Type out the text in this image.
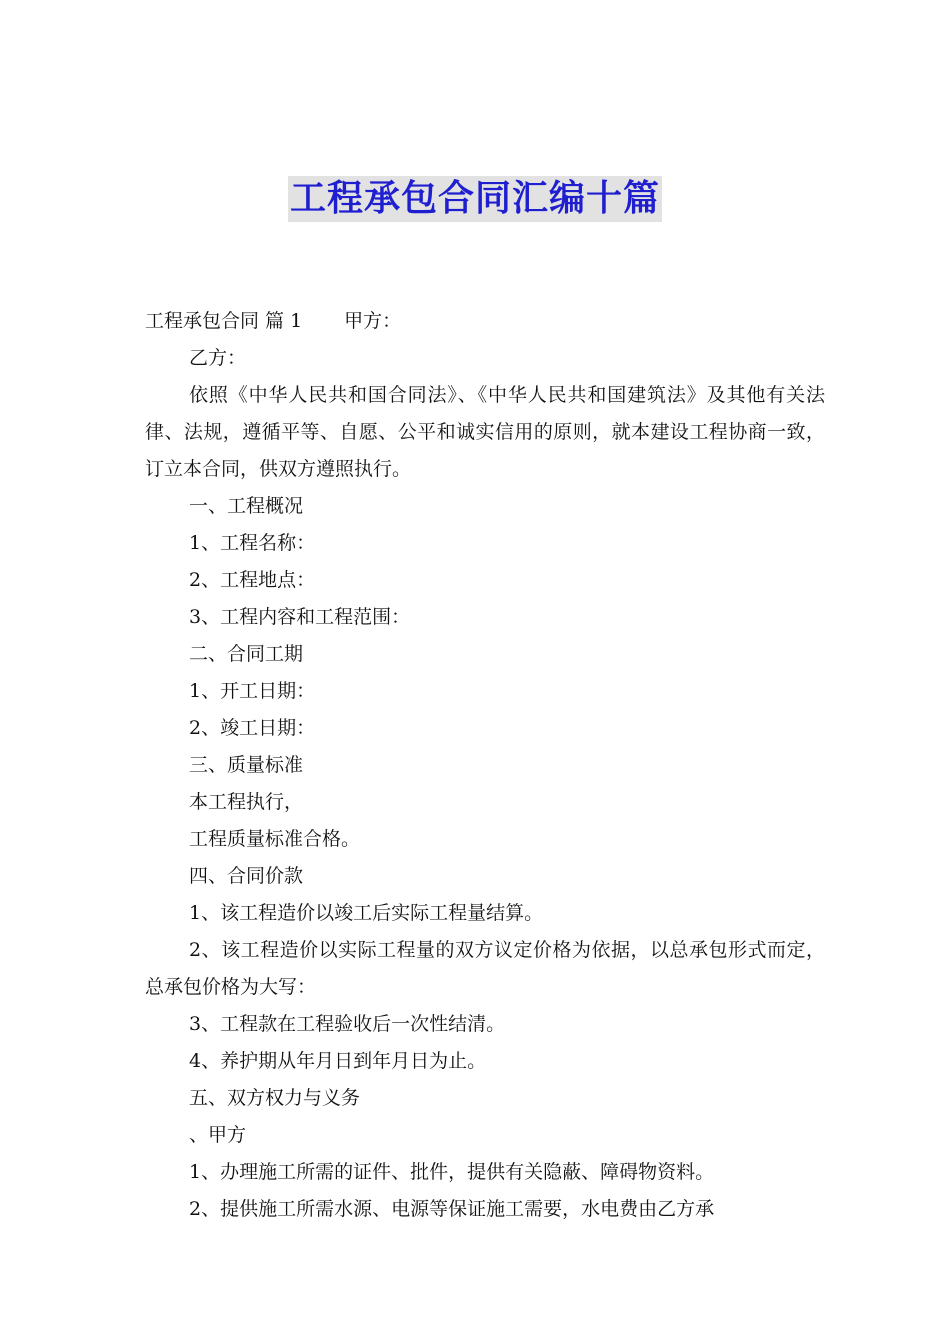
工程承包合同汇编十篇

工程承包合同 篇 1 甲方：

乙方：

依照《中华人民共和国合同法》、《中华人民共和国建筑法》及其他有关法律、法规，遵循平等、自愿、公平和诚实信用的原则，就本建设工程协商一致，订立本合同，供双方遵照执行。

一、工程概况

1、工程名称：

2、工程地点：

3、工程内容和工程范围：

二、合同工期

1、开工日期：

2、竣工日期：

三、质量标准

本工程执行，

工程质量标准合格。

四、合同价款

1、该工程造价以竣工后实际工程量结算。

2、该工程造价以实际工程量的双方议定价格为依据，以总承包形式而定，总承包价格为大写：

3、工程款在工程验收后一次性结清。

4、养护期从年月日到年月日为止。

五、双方权力与义务

、甲方

1、办理施工所需的证件、批件，提供有关隐蔽、障碍物资料。

2、提供施工所需水源、电源等保证施工需要，水电费由乙方承
